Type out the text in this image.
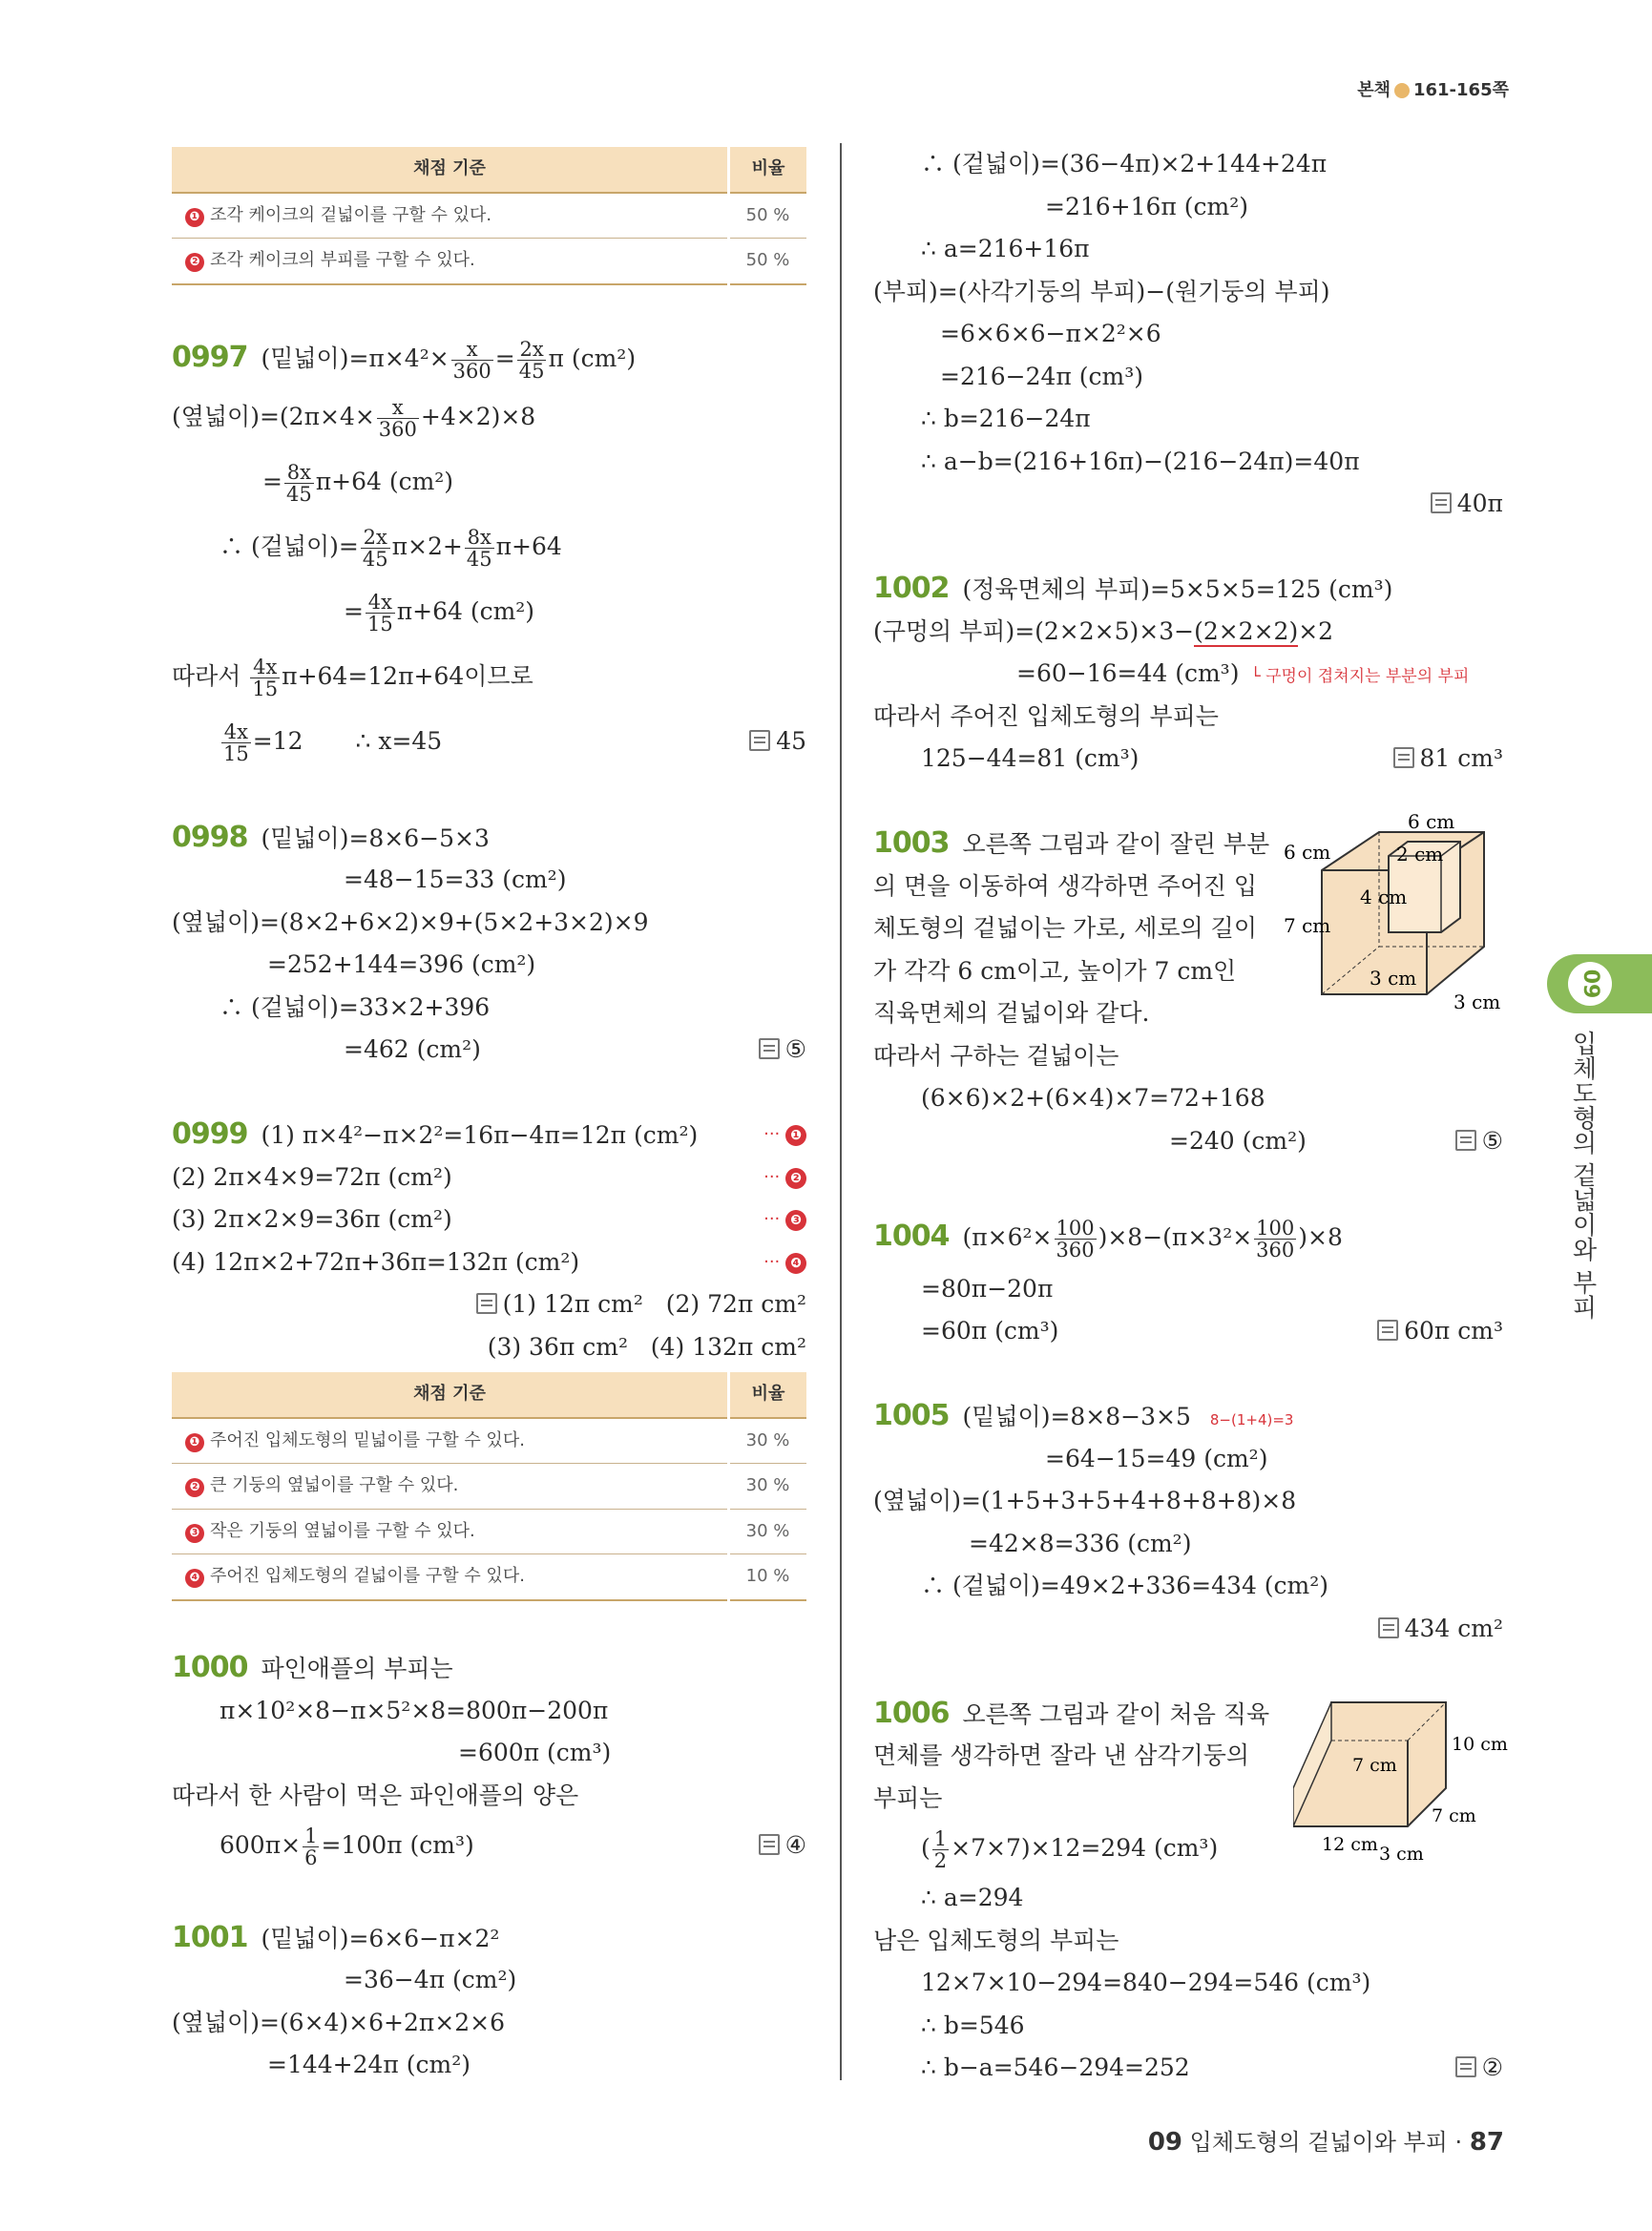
본책 161-165쪽
채점 기준	비율
❶ 조각 케이크의 겉넓이를 구할 수 있다.	50 %
❷ 조각 케이크의 부피를 구할 수 있다.	50 %
0997 (밑넓이)$=\pi\times 4^2\times \frac{x}{360} = \frac{2x}{45}$ π (cm²)
(옆넓이)$=(2\pi\times 4\times \frac{x}{360} +4\times 2)\times 8$
= $\frac{8x}{45} \pi+64$ (cm²)
∴ (겉넓이)= $\frac{2x}{45} \pi\times 2+ \frac{8x}{45} \pi+64$
= $\frac{4x}{15} \pi+64$ (cm²)
따라서 $\frac{4x}{15} \pi+64=12\pi+64$이므로
$\frac{4x}{15} =12$ ∴ x=45	45
0998 (밑넓이)=8×6−5×3
=48−15=33 (cm²)
(옆넓이)=(8×2+6×2)×9+(5×2+3×2)×9
=252+144=396 (cm²)
∴ (겉넓이)=33×2+396
=462 (cm²)	⑤
0999 (1) π×4²−π×2²=16π−4π=12π (cm²)	··· ❶
(2) 2π×4×9=72π (cm²)	··· ❷
(3) 2π×2×9=36π (cm²)	··· ❸
(4) 12π×2+72π+36π=132π (cm²)	··· ❹
(1) 12π cm²   (2) 72π cm²
(3) 36π cm²   (4) 132π cm²
채점 기준	비율
❶ 주어진 입체도형의 밑넓이를 구할 수 있다.	30 %
❷ 큰 기둥의 옆넓이를 구할 수 있다.	30 %
❸ 작은 기둥의 옆넓이를 구할 수 있다.	30 %
❹ 주어진 입체도형의 겉넓이를 구할 수 있다.	10 %
1000 파인애플의 부피는
π×10²×8−π×5²×8=800π−200π
=600π (cm³)
따라서 한 사람이 먹은 파인애플의 양은
$600\pi\times \frac{1}{6} =100\pi$ (cm³)	④
1001 (밑넓이)=6×6−π×2²
=36−4π (cm²)
(옆넓이)=(6×4)×6+2π×2×6
=144+24π (cm²)
∴ (겉넓이)=(36−4π)×2+144+24π
=216+16π (cm²)
∴ a=216+16π
(부피)=(사각기둥의 부피)−(원기둥의 부피)
=6×6×6−π×2²×6
=216−24π (cm³)
∴ b=216−24π
∴ a−b=(216+16π)−(216−24π)=40π
40π
1002 (정육면체의 부피)=5×5×5=125 (cm³)
(구멍의 부피)=(2×2×5)×3−(2×2×2)×2
=60−16=44 (cm³) └ 구멍이 겹쳐지는 부분의 부피
따라서 주어진 입체도형의 부피는
125−44=81 (cm³)	81 cm³
1003 오른쪽 그림과 같이 잘린 부분
의 면을 이동하여 생각하면 주어진 입
체도형의 겉넓이는 가로, 세로의 길이
가 각각 6 cm이고, 높이가 7 cm인
직육면체의 겉넓이와 같다.
따라서 구하는 겉넓이는
(6×6)×2+(6×4)×7=72+168
=240 (cm²)	⑤
6 cm
6 cm	2 cm
4 cm
7 cm
3 cm
3 cm
1004 $(\pi\times 6^2\times \frac{100}{360} )\times 8-(\pi\times 3^2\times \frac{100}{360} )\times 8$
=80π−20π
=60π (cm³)	60π cm³
1005 (밑넓이)=8×8−3×5 8−(1+4)=3
=64−15=49 (cm²)
(옆넓이)=(1+5+3+5+4+8+8+8)×8
=42×8=336 (cm²)
∴ (겉넓이)=49×2+336=434 (cm²)
434 cm²
1006 오른쪽 그림과 같이 처음 직육
면체를 생각하면 잘라 낸 삼각기둥의
부피는
( $\frac{1}{2} \times 7\times 7)\times 12=294$ (cm³)
∴ a=294
남은 입체도형의 부피는
12×7×10−294=840−294=546 (cm³)
∴ b=546
∴ b−a=546−294=252	②
10 cm
7 cm
7 cm
12 cm 3 cm
09
입체도형의 겉넓이와 부피
09 입체도형의 겉넓이와 부피 · 87
